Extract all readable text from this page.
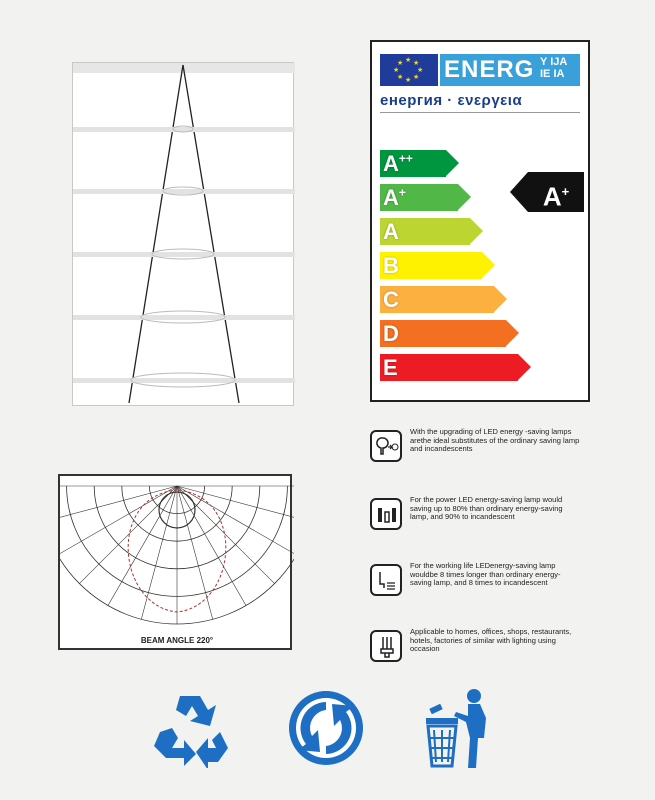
★ ★
★
★
★
★
★
★ ENERG Y IJA
IE IA
енергия · ενεργεια
A++
A+
A
B
C
D
E
A+
BEAM ANGLE 220°
With the upgrading of LED energy -saving lamps arethe ideal substitutes of the ordinary saving lamp and incandescents
For the power LED energy-saving lamp would saving up to 80% than ordinary energy-saving lamp, and 90% to incandescent
For the working life LEDenergy-saving lamp wouldbe 8 times longer than ordinary energy-saving lamp, and 8 times to incandescent
Applicable to homes, offices, shops, restaurants, hotels, factories of similar with lighting using occasion
